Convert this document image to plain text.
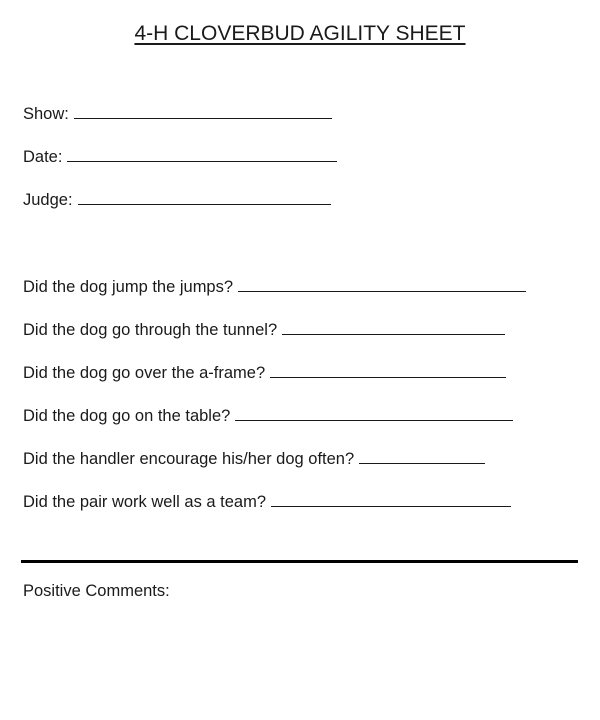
4-H CLOVERBUD AGILITY SHEET
Show:
Date:
Judge:
Did the dog jump the jumps?
Did the dog go through the tunnel?
Did the dog go over the a-frame?
Did the dog go on the table?
Did the handler encourage his/her dog often?
Did the pair work well as a team?
Positive Comments:
